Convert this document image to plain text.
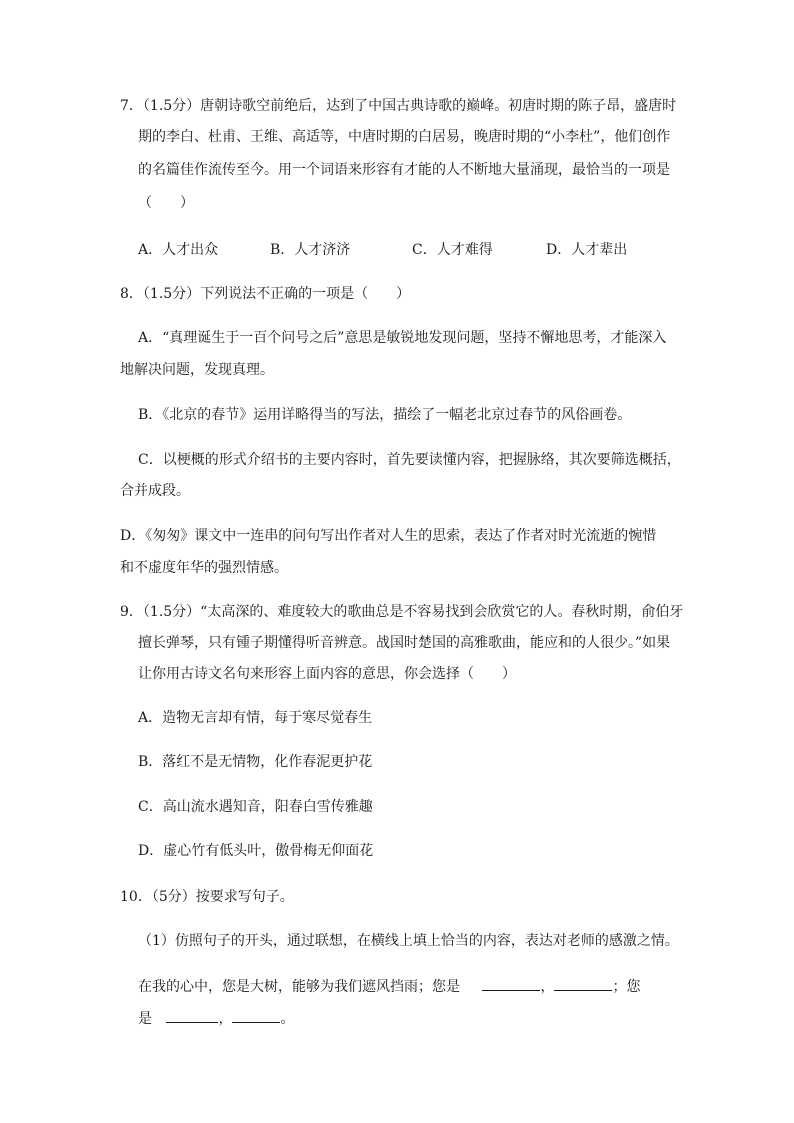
7．（1.5分）唐朝诗歌空前绝后，达到了中国古典诗歌的巅峰。初唐时期的陈子昂，盛唐时
期的李白、杜甫、王维、高适等，中唐时期的白居易，晚唐时期的“小李杜”，他们创作
的名篇佳作流传至今。用一个词语来形容有才能的人不断地大量涌现，最恰当的一项是
（　　）
A．人才出众	B．人才济济	C．人才难得	D．人才辈出
8．（1.5分）下列说法不正确的一项是（　　）
A．“真理诞生于一百个问号之后”意思是敏锐地发现问题，坚持不懈地思考，才能深入
地解决问题，发现真理。
B．《北京的春节》运用详略得当的写法，描绘了一幅老北京过春节的风俗画卷。
C．以梗概的形式介绍书的主要内容时，首先要读懂内容，把握脉络，其次要筛选概括，
合并成段。
D．《匆匆》课文中一连串的问句写出作者对人生的思索，表达了作者对时光流逝的惋惜
和不虚度年华的强烈情感。
9．（1.5分）“太高深的、难度较大的歌曲总是不容易找到会欣赏它的人。春秋时期，俞伯牙
擅长弹琴，只有锺子期懂得听音辨意。战国时楚国的高雅歌曲，能应和的人很少。”如果
让你用古诗文名句来形容上面内容的意思，你会选择（　　）
A．造物无言却有情，每于寒尽觉春生
B．落红不是无情物，化作春泥更护花
C．高山流水遇知音，阳春白雪传雅趣
D．虚心竹有低头叶，傲骨梅无仰面花
10．（5分）按要求写句子。
（1）仿照句子的开头，通过联想，在横线上填上恰当的内容，表达对老师的感激之情。
在我的心中，您是大树，能够为我们遮风挡雨；您是	，	；您
是	，	。
